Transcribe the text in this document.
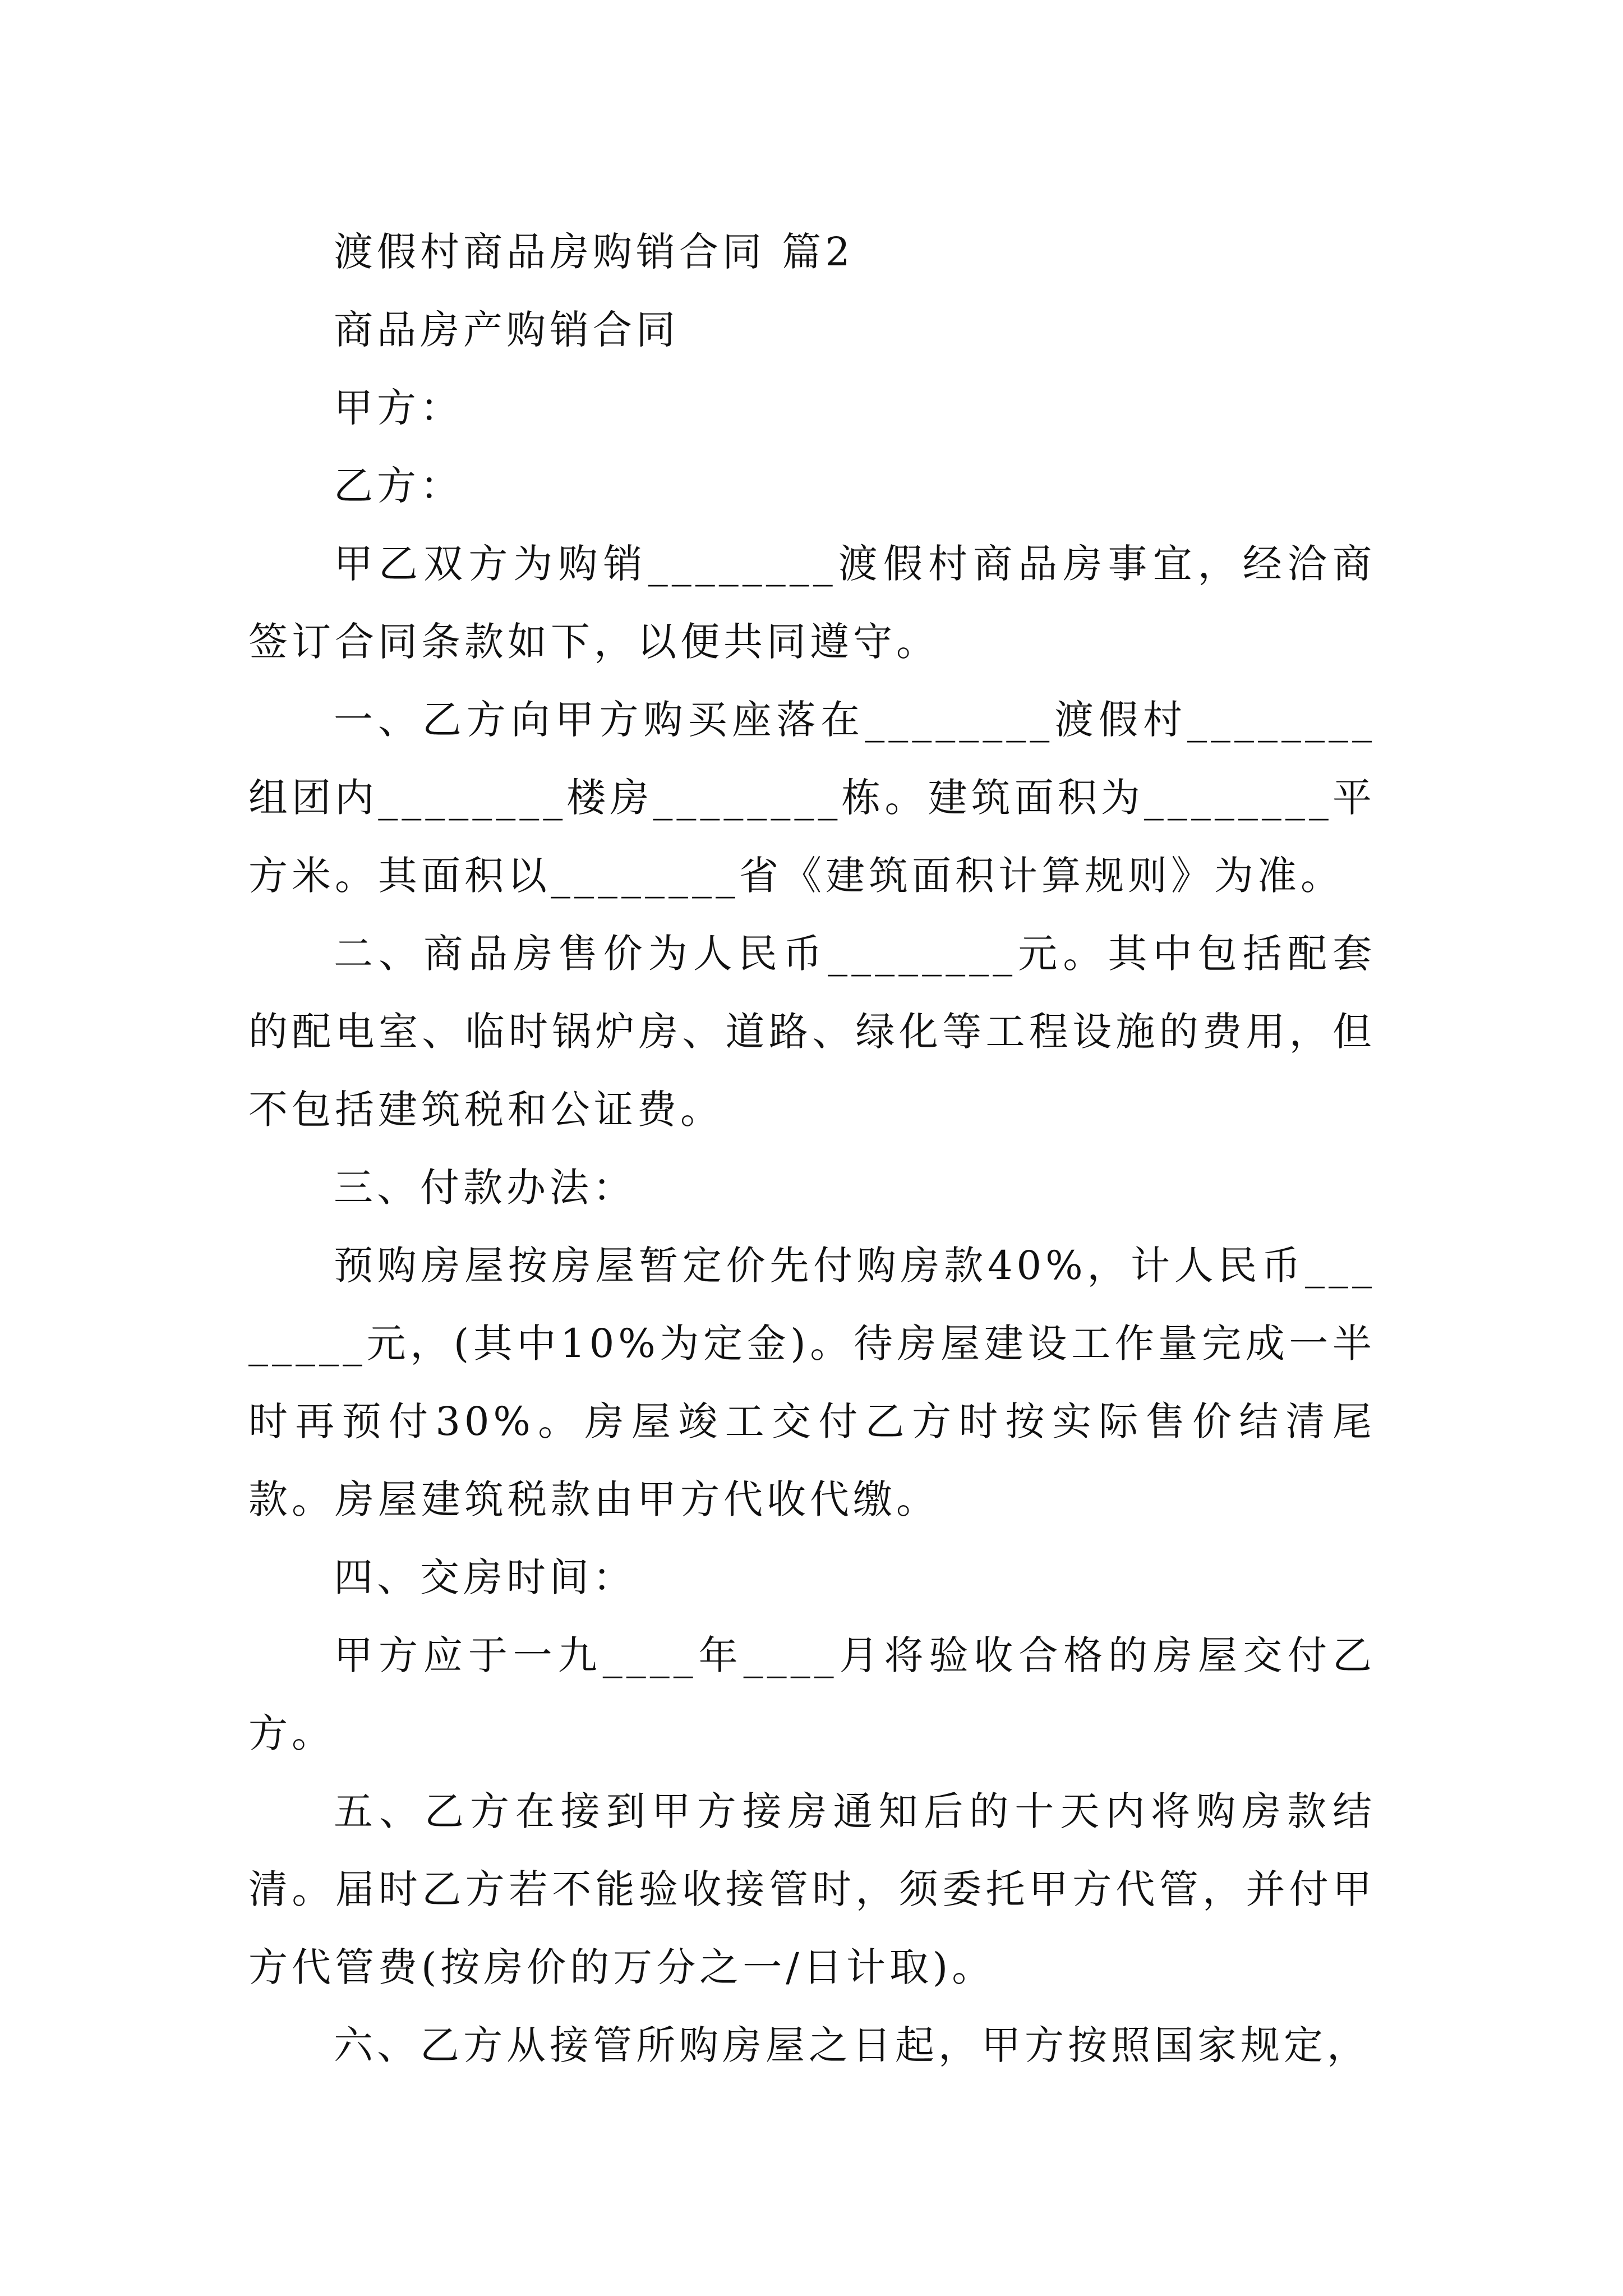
渡假村商品房购销合同 篇2

商品房产购销合同

甲方：

乙方：

甲乙双方为购销________渡假村商品房事宜，经洽商签订合同条款如下，以便共同遵守。

一、乙方向甲方购买座落在________渡假村________组团内________楼房________栋。建筑面积为________平方米。其面积以________省《建筑面积计算规则》为准。

二、商品房售价为人民币________元。其中包括配套的配电室、临时锅炉房、道路、绿化等工程设施的费用，但不包括建筑税和公证费。

三、付款办法：

预购房屋按房屋暂定价先付购房款40%，计人民币________元，(其中10%为定金)。待房屋建设工作量完成一半时再预付30%。房屋竣工交付乙方时按实际售价结清尾款。房屋建筑税款由甲方代收代缴。

四、交房时间：

甲方应于一九____年____月将验收合格的房屋交付乙方。

五、乙方在接到甲方接房通知后的十天内将购房款结清。届时乙方若不能验收接管时，须委托甲方代管，并付甲方代管费(按房价的万分之一/日计取)。

六、乙方从接管所购房屋之日起，甲方按照国家规定，
